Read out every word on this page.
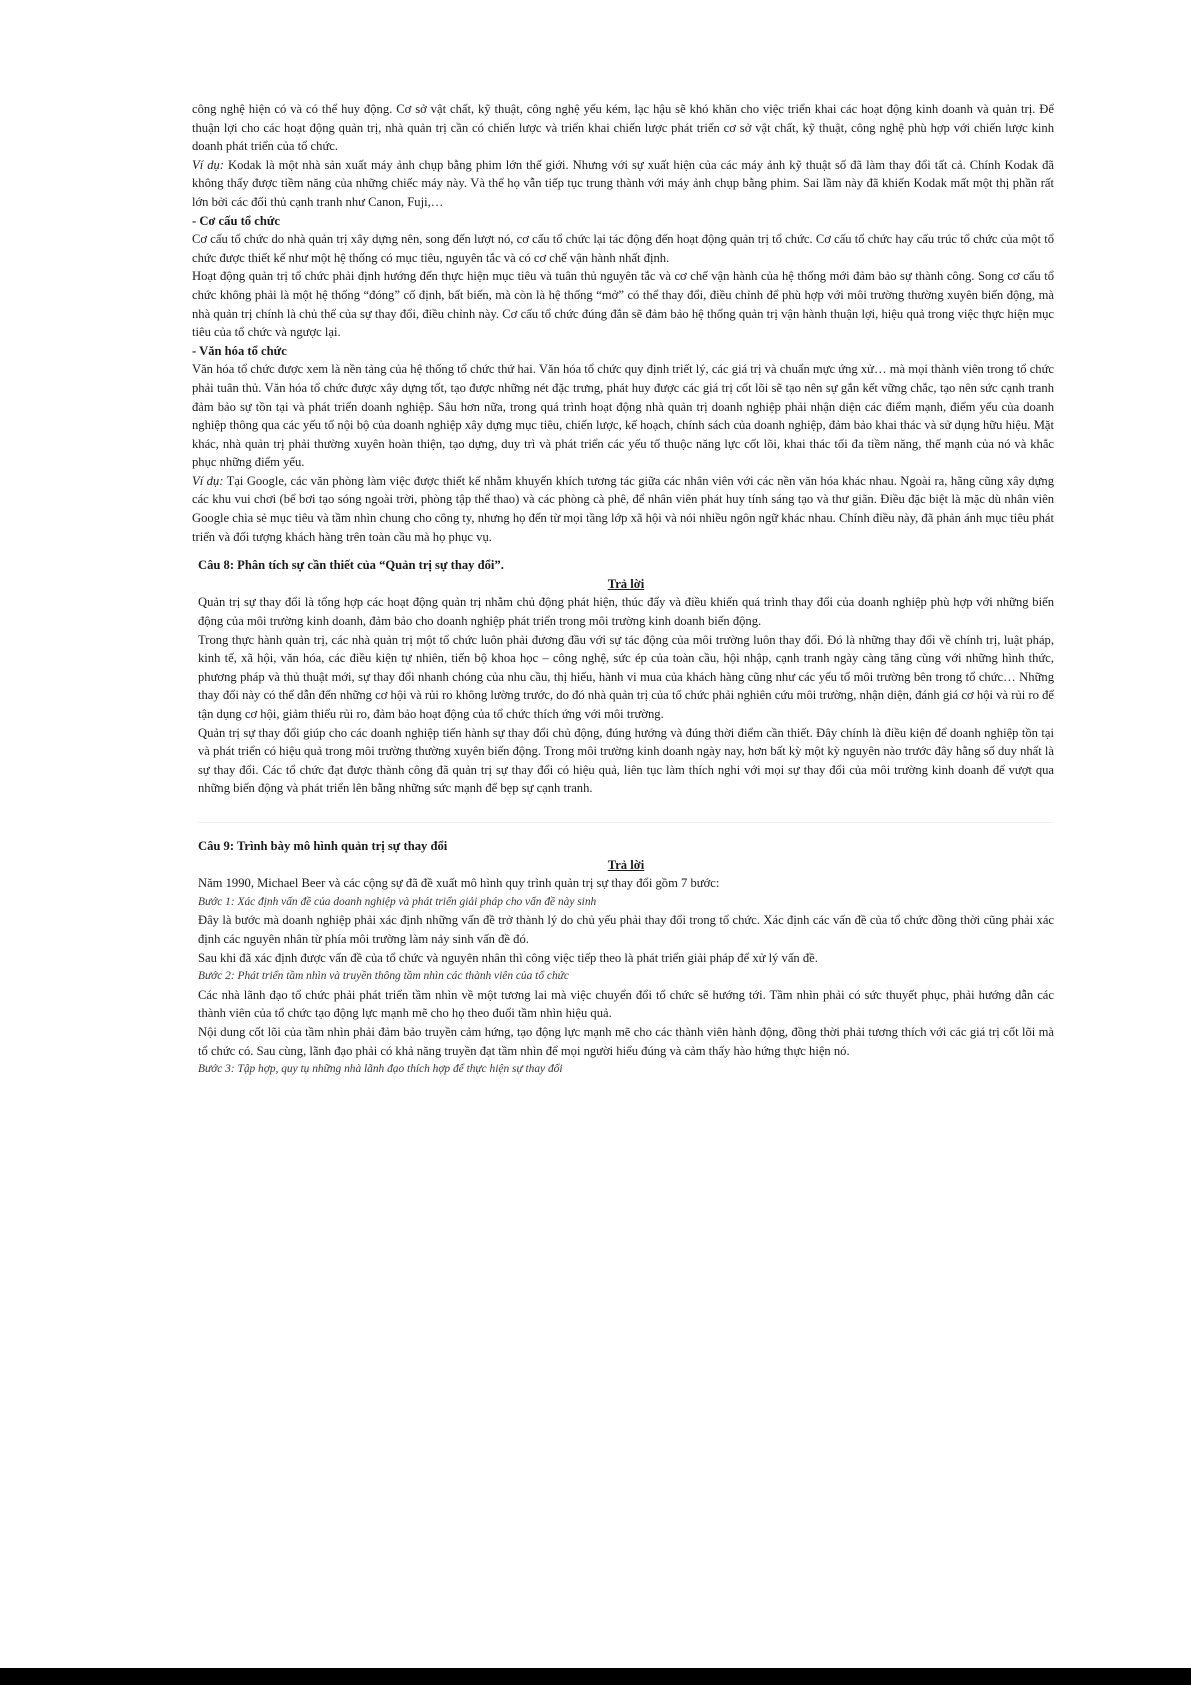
công nghệ hiện có và có thể huy động. Cơ sở vật chất, kỹ thuật, công nghệ yếu kém, lạc hậu sẽ khó khăn cho việc triển khai các hoạt động kinh doanh và quản trị. Để thuận lợi cho các hoạt động quản trị, nhà quản trị cần có chiến lược và triển khai chiến lược phát triển cơ sở vật chất, kỹ thuật, công nghệ phù hợp với chiến lược kinh doanh phát triển của tổ chức.

Ví dụ: Kodak là một nhà sản xuất máy ảnh chụp bằng phim lớn thế giới. Nhưng với sự xuất hiện của các máy ảnh kỹ thuật số đã làm thay đổi tất cả. Chính Kodak đã không thấy được tiềm năng của những chiếc máy này. Và thế họ vẫn tiếp tục trung thành với máy ảnh chụp bằng phim. Sai lầm này đã khiến Kodak mất một thị phần rất lớn bởi các đối thủ cạnh tranh như Canon, Fuji,…

- Cơ cấu tổ chức

Cơ cấu tổ chức do nhà quản trị xây dựng nên, song đến lượt nó, cơ cấu tổ chức lại tác động đến hoạt động quản trị tổ chức. Cơ cấu tổ chức hay cấu trúc tổ chức của một tổ chức được thiết kế như một hệ thống có mục tiêu, nguyên tắc và có cơ chế vận hành nhất định.

Hoạt động quản trị tổ chức phải định hướng đến thực hiện mục tiêu và tuân thủ nguyên tắc và cơ chế vận hành của hệ thống mới đảm bảo sự thành công. Song cơ cấu tổ chức không phải là một hệ thống “đóng” cố định, bất biến, mà còn là hệ thống “mở” có thể thay đổi, điều chỉnh để phù hợp với môi trường thường xuyên biến động, mà nhà quản trị chính là chủ thể của sự thay đổi, điều chỉnh này. Cơ cấu tổ chức đúng đắn sẽ đảm bảo hệ thống quản trị vận hành thuận lợi, hiệu quả trong việc thực hiện mục tiêu của tổ chức và ngược lại.

- Văn hóa tổ chức

Văn hóa tổ chức được xem là nền tảng của hệ thống tổ chức thứ hai. Văn hóa tổ chức quy định triết lý, các giá trị và chuẩn mực ứng xử… mà mọi thành viên trong tổ chức phải tuân thủ. Văn hóa tổ chức được xây dựng tốt, tạo được những nét đặc trưng, phát huy được các giá trị cốt lõi sẽ tạo nên sự gắn kết vững chắc, tạo nên sức cạnh tranh đảm bảo sự tồn tại và phát triển doanh nghiệp. Sâu hơn nữa, trong quá trình hoạt động nhà quản trị doanh nghiệp phải nhận diện các điểm mạnh, điểm yếu của doanh nghiệp thông qua các yếu tố nội bộ của doanh nghiệp xây dựng mục tiêu, chiến lược, kế hoạch, chính sách của doanh nghiệp, đảm bảo khai thác và sử dụng hữu hiệu. Mặt khác, nhà quản trị phải thường xuyên hoàn thiện, tạo dựng, duy trì và phát triển các yếu tố thuộc năng lực cốt lõi, khai thác tối đa tiềm năng, thế mạnh của nó và khắc phục những điểm yếu.

Ví dụ: Tại Google, các văn phòng làm việc được thiết kế nhằm khuyến khích tương tác giữa các nhân viên với các nền văn hóa khác nhau. Ngoài ra, hãng cũng xây dựng các khu vui chơi (bể bơi tạo sóng ngoài trời, phòng tập thể thao) và các phòng cà phê, để nhân viên phát huy tính sáng tạo và thư giãn. Điều đặc biệt là mặc dù nhân viên Google chia sẻ mục tiêu và tầm nhìn chung cho công ty, nhưng họ đến từ mọi tầng lớp xã hội và nói nhiều ngôn ngữ khác nhau. Chính điều này, đã phản ánh mục tiêu phát triển và đối tượng khách hàng trên toàn cầu mà họ phục vụ.

Câu 8: Phân tích sự cần thiết của “Quản trị sự thay đổi”.

Trả lời

Quản trị sự thay đổi là tổng hợp các hoạt động quản trị nhằm chủ động phát hiện, thúc đẩy và điều khiển quá trình thay đổi của doanh nghiệp phù hợp với những biến động của môi trường kinh doanh, đảm bảo cho doanh nghiệp phát triển trong môi trường kinh doanh biến động.

Trong thực hành quản trị, các nhà quản trị một tổ chức luôn phải đương đầu với sự tác động của môi trường luôn thay đổi. Đó là những thay đổi về chính trị, luật pháp, kinh tế, xã hội, văn hóa, các điều kiện tự nhiên, tiến bộ khoa học – công nghệ, sức ép của toàn cầu, hội nhập, cạnh tranh ngày càng tăng cùng với những hình thức, phương pháp và thủ thuật mới, sự thay đổi nhanh chóng của nhu cầu, thị hiếu, hành vi mua của khách hàng cũng như các yếu tố môi trường bên trong tổ chức… Những thay đổi này có thể dẫn đến những cơ hội và rủi ro không lường trước, do đó nhà quản trị của tổ chức phải nghiên cứu môi trường, nhận diện, đánh giá cơ hội và rủi ro để tận dụng cơ hội, giảm thiểu rủi ro, đảm bảo hoạt động của tổ chức thích ứng với môi trường.

Quản trị sự thay đổi giúp cho các doanh nghiệp tiến hành sự thay đổi chủ động, đúng hướng và đúng thời điểm cần thiết. Đây chính là điều kiện để doanh nghiệp tồn tại và phát triển có hiệu quả trong môi trường thường xuyên biến động. Trong môi trường kinh doanh ngày nay, hơn bất kỳ một kỳ nguyên nào trước đây hằng số duy nhất là sự thay đổi. Các tổ chức đạt được thành công đã quản trị sự thay đổi có hiệu quả, liên tục làm thích nghi với mọi sự thay đổi của môi trường kinh doanh để vượt qua những biến động và phát triển lên bằng những sức mạnh để bẹp sự cạnh tranh.

Câu 9: Trình bày mô hình quản trị sự thay đổi

Trả lời

Năm 1990, Michael Beer và các cộng sự đã đề xuất mô hình quy trình quản trị sự thay đổi gồm 7 bước:

Bước 1: Xác định vấn đề của doanh nghiệp và phát triển giải pháp cho vấn đề này sinh

Đây là bước mà doanh nghiệp phải xác định những vấn đề trở thành lý do chủ yếu phải thay đổi trong tổ chức. Xác định các vấn đề của tổ chức đồng thời cũng phải xác định các nguyên nhân từ phía môi trường làm nảy sinh vấn đề đó.

Sau khi đã xác định được vấn đề của tổ chức và nguyên nhân thì công việc tiếp theo là phát triển giải pháp để xử lý vấn đề.

Bước 2: Phát triển tầm nhìn và truyền thông tầm nhìn các thành viên của tổ chức

Các nhà lãnh đạo tổ chức phải phát triển tầm nhìn về một tương lai mà việc chuyển đổi tổ chức sẽ hướng tới. Tầm nhìn phải có sức thuyết phục, phải hướng dẫn các thành viên của tổ chức tạo động lực mạnh mẽ cho họ theo đuổi tầm nhìn hiệu quả.

Nội dung cốt lõi của tầm nhìn phải đảm bảo truyền cảm hứng, tạo động lực mạnh mẽ cho các thành viên hành động, đồng thời phải tương thích với các giá trị cốt lõi mà tổ chức có. Sau cùng, lãnh đạo phải có khả năng truyền đạt tầm nhìn để mọi người hiểu đúng và cảm thấy hào hứng thực hiện nó.

Bước 3: Tập hợp, quy tụ những nhà lãnh đạo thích hợp để thực hiện sự thay đổi
